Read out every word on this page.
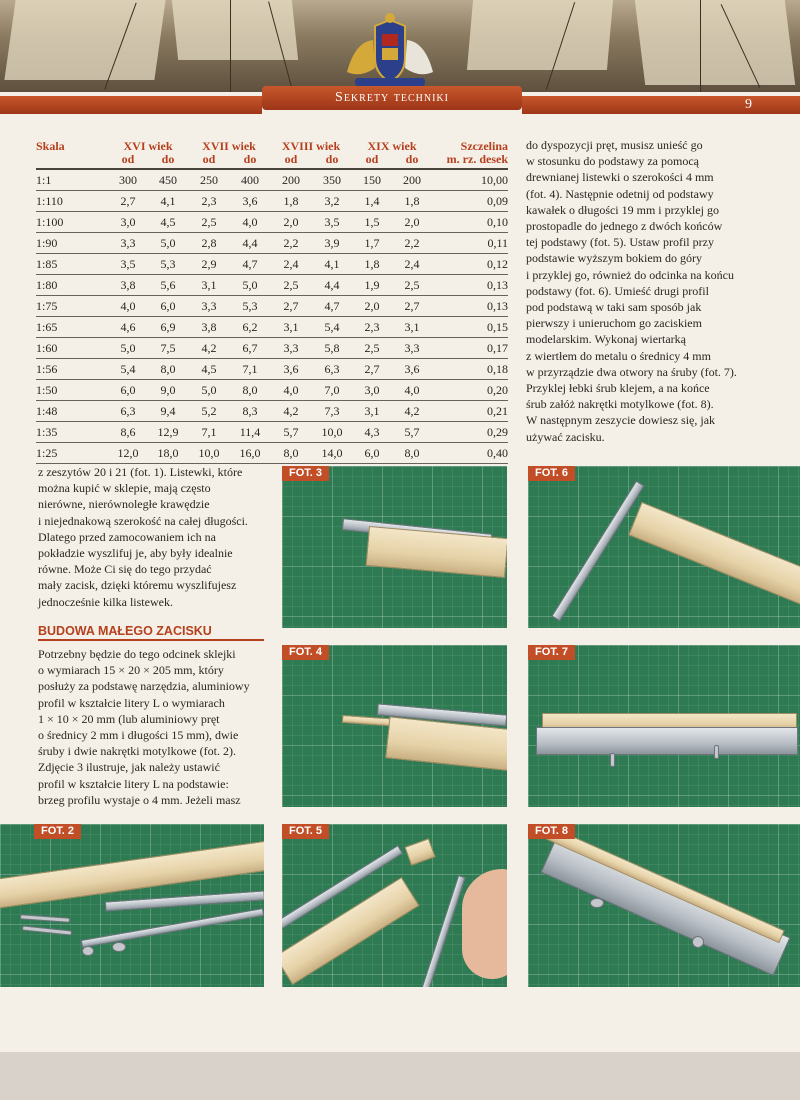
Sekrety techniki	9
Skala	XVI wiek		XVII wiek		XVIII wiek		XIX wiek		Szczelina
	od	do	od	do	od	do	od	do	m. rz. desek
1:1	300	450	250	400	200	350	150	200	10,00
1:110	2,7	4,1	2,3	3,6	1,8	3,2	1,4	1,8	0,09
1:100	3,0	4,5	2,5	4,0	2,0	3,5	1,5	2,0	0,10
1:90	3,3	5,0	2,8	4,4	2,2	3,9	1,7	2,2	0,11
1:85	3,5	5,3	2,9	4,7	2,4	4,1	1,8	2,4	0,12
1:80	3,8	5,6	3,1	5,0	2,5	4,4	1,9	2,5	0,13
1:75	4,0	6,0	3,3	5,3	2,7	4,7	2,0	2,7	0,13
1:65	4,6	6,9	3,8	6,2	3,1	5,4	2,3	3,1	0,15
1:60	5,0	7,5	4,2	6,7	3,3	5,8	2,5	3,3	0,17
1:56	5,4	8,0	4,5	7,1	3,6	6,3	2,7	3,6	0,18
1:50	6,0	9,0	5,0	8,0	4,0	7,0	3,0	4,0	0,20
1:48	6,3	9,4	5,2	8,3	4,2	7,3	3,1	4,2	0,21
1:35	8,6	12,9	7,1	11,4	5,7	10,0	4,3	5,7	0,29
1:25	12,0	18,0	10,0	16,0	8,0	14,0	6,0	8,0	0,40
do dyspozycji pręt, musisz unieść go
w stosunku do podstawy za pomocą
drewnianej listewki o szerokości 4 mm
(fot. 4). Następnie odetnij od podstawy
kawałek o długości 19 mm i przyklej go
prostopadle do jednego z dwóch końców
tej podstawy (fot. 5). Ustaw profil przy
podstawie wyższym bokiem do góry
i przyklej go, również do odcinka na końcu
podstawy (fot. 6). Umieść drugi profil
pod podstawą w taki sam sposób jak
pierwszy i unieruchom go zaciskiem
modelarskim. Wykonaj wiertarką
z wiertłem do metalu o średnicy 4 mm
w przyrządzie dwa otwory na śruby (fot. 7).
Przyklej łebki śrub klejem, a na końce
śrub załóż nakrętki motylkowe (fot. 8).
W następnym zeszycie dowiesz się, jak
używać zacisku.
z zeszytów 20 i 21 (fot. 1). Listewki, które
można kupić w sklepie, mają często
nierówne, nierównoległe krawędzie
i niejednakową szerokość na całej długości.
Dlatego przed zamocowaniem ich na
pokładzie wyszlifuj je, aby były idealnie
równe. Może Ci się do tego przydać
mały zacisk, dzięki któremu wyszlifujesz
jednocześnie kilka listewek.
BUDOWA MAŁEGO ZACISKU
Potrzebny będzie do tego odcinek sklejki
o wymiarach 15 × 20 × 205 mm, który
posłuży za podstawę narzędzia, aluminiowy
profil w kształcie litery L o wymiarach
1 × 10 × 20 mm (lub aluminiowy pręt
o średnicy 2 mm i długości 15 mm), dwie
śruby i dwie nakrętki motylkowe (fot. 2).
Zdjęcie 3 ilustruje, jak należy ustawić
profil w kształcie litery L na podstawie:
brzeg profilu wystaje o 4 mm. Jeżeli masz
FOT. 3	FOT. 6
FOT. 4	FOT. 7
FOT. 2	FOT. 5	FOT. 8
